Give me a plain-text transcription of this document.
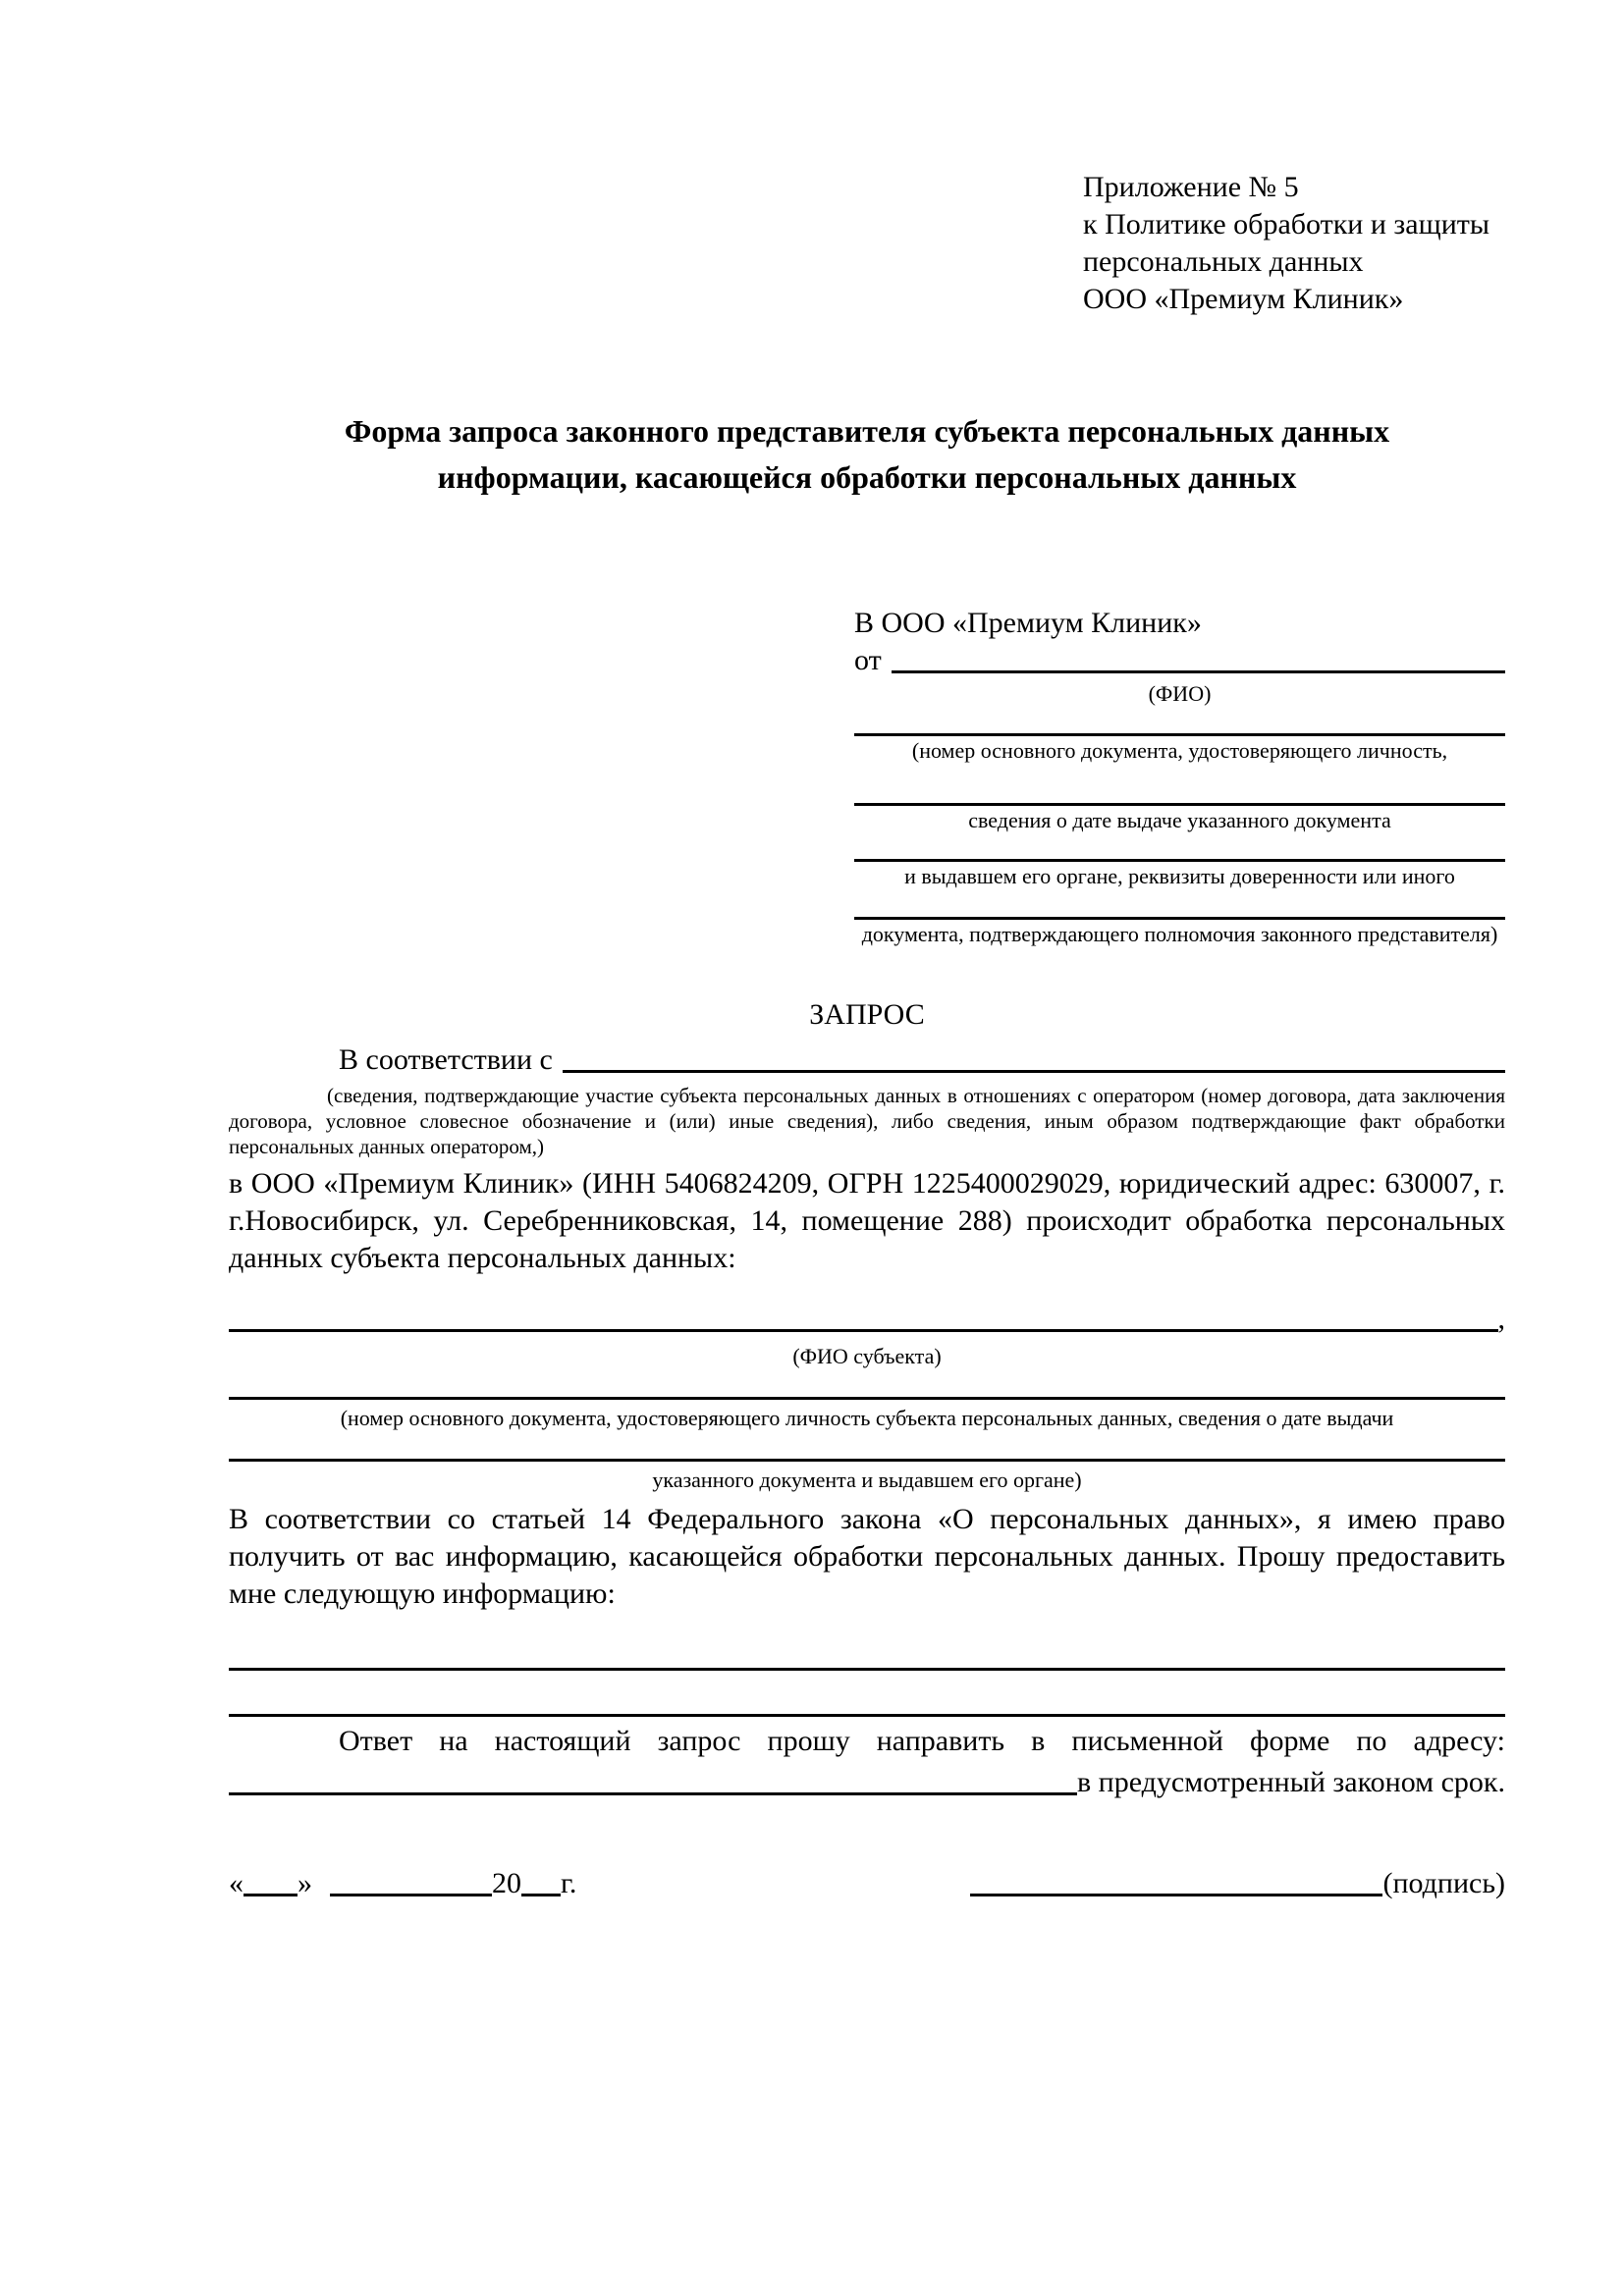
Приложение № 5
к Политике обработки и защиты
персональных данных
ООО «Премиум Клиник»
Форма запроса законного представителя субъекта персональных данных
информации, касающейся обработки персональных данных
В ООО «Премиум Клиник»
от
(ФИО)
(номер основного документа, удостоверяющего личность,
сведения о дате выдаче указанного документа
и выдавшем его органе, реквизиты доверенности или иного
документа, подтверждающего полномочия законного представителя)
ЗАПРОС
В соответствии с

(сведения, подтверждающие участие субъекта персональных данных в отношениях с оператором (номер договора, дата заключения договора, условное словесное обозначение и (или) иные сведения), либо сведения, иным образом подтверждающие факт обработки персональных данных оператором,)

в ООО «Премиум Клиник» (ИНН 5406824209, ОГРН 1225400029029, юридический адрес: 630007, г. г.Новосибирск, ул. Серебренниковская, 14, помещение 288) происходит обработка персональных данных субъекта персональных данных:

,
(ФИО субъекта)
(номер основного документа, удостоверяющего личность субъекта персональных данных, сведения о дате выдачи
указанного документа и выдавшем его органе)

В соответствии со статьей 14 Федерального закона «О персональных данных», я имею право получить от вас информацию, касающейся обработки персональных данных. Прошу предоставить мне следующую информацию:

Ответ на настоящий запрос прошу направить в письменной форме по адресу:

в предусмотренный законом срок.
« »	20 г.	(подпись)
